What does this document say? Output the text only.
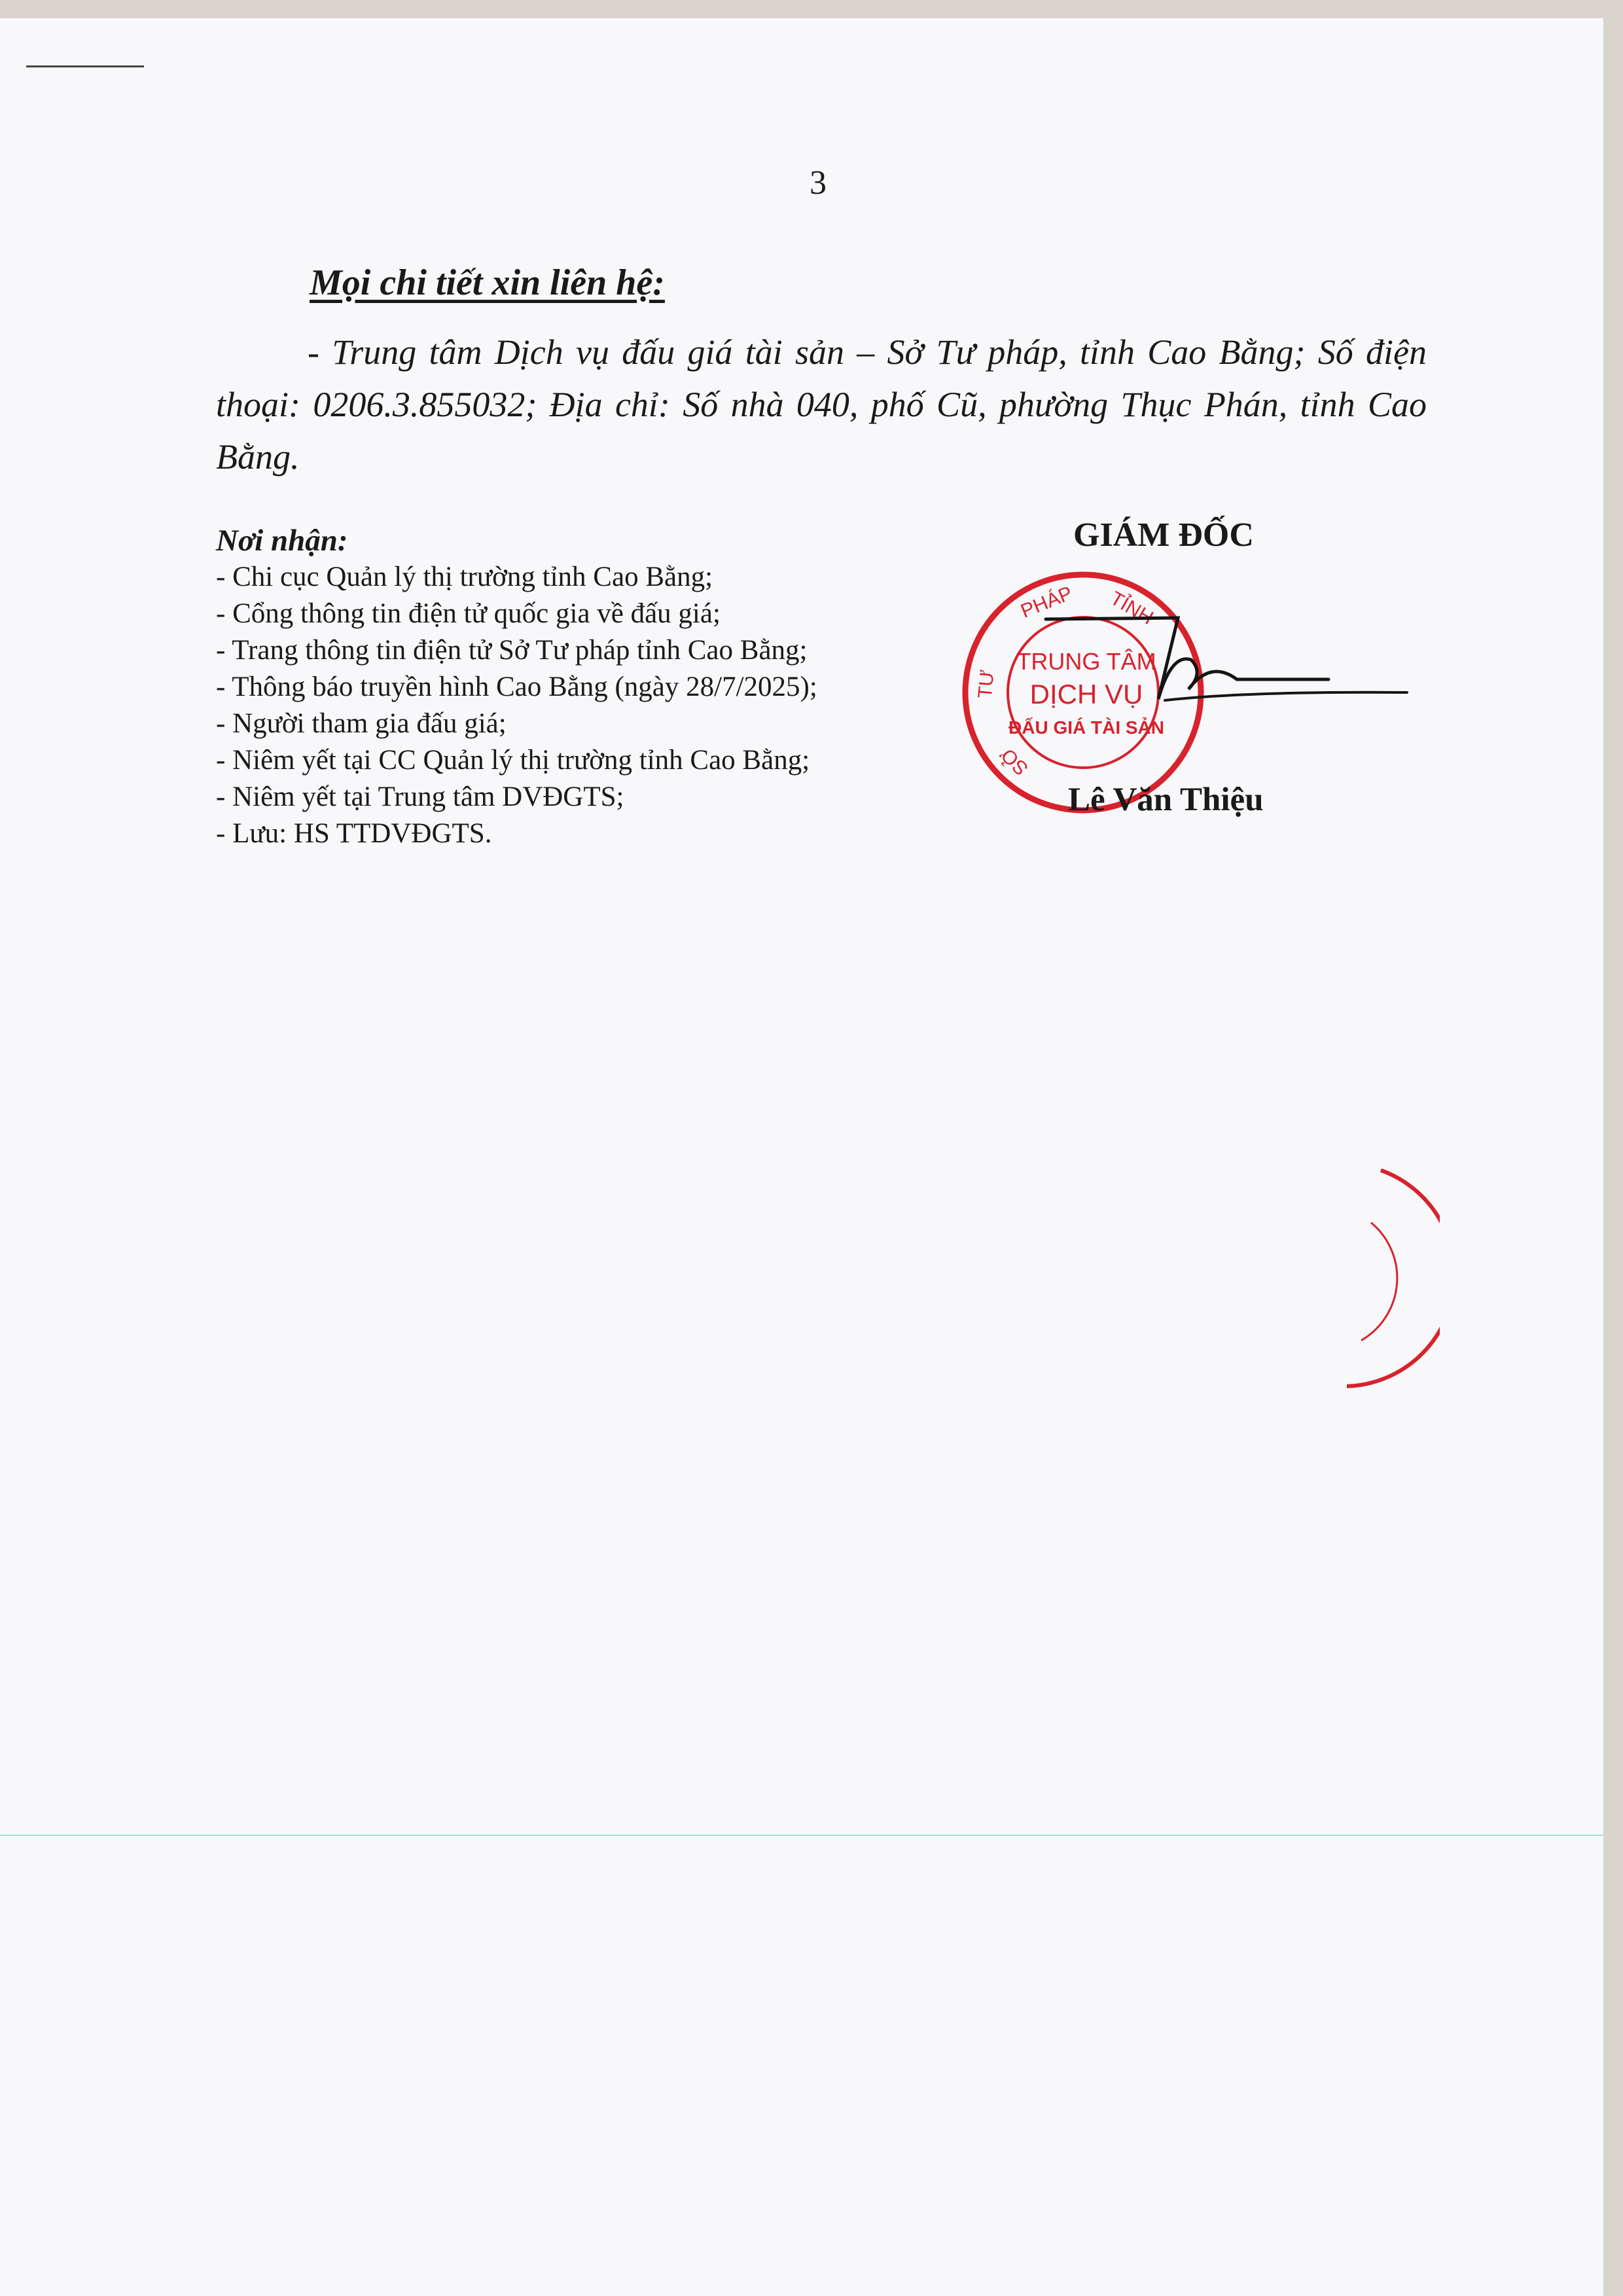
3
Mọi chi tiết xin liên hệ:
- Trung tâm Dịch vụ đấu giá tài sản – Sở Tư pháp, tỉnh Cao Bằng; Số điện thoại: 0206.3.855032; Địa chỉ: Số nhà 040, phố Cũ, phường Thục Phán, tỉnh Cao Bằng.
Nơi nhận:
- Chi cục Quản lý thị trường tỉnh Cao Bằng;
- Cổng thông tin điện tử quốc gia về đấu giá;
- Trang thông tin điện tử Sở Tư pháp tỉnh Cao Bằng;
- Thông báo truyền hình Cao Bằng (ngày 28/7/2025);
- Người tham gia đấu giá;
- Niêm yết tại CC Quản lý thị trường tỉnh Cao Bằng;
- Niêm yết tại Trung tâm DVĐGTS;
- Lưu: HS TTDVĐGTS.
GIÁM ĐỐC
PHÁP TỈNH
TƯ
SỞ
TRUNG TÂM
DỊCH VỤ
ĐẤU GIÁ TÀI SẢN
Lê Văn Thiệu
